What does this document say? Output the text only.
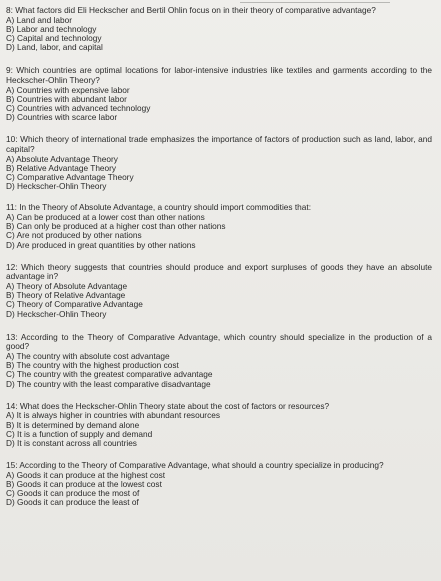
8: What factors did Eli Heckscher and Bertil Ohlin focus on in their theory of comparative advantage?

A) Land and labor
B) Labor and technology
C) Capital and technology
D) Land, labor, and capital

9: Which countries are optimal locations for labor-intensive industries like textiles and garments according to the Heckscher-Ohlin Theory?

A) Countries with expensive labor
B) Countries with abundant labor
C) Countries with advanced technology
D) Countries with scarce labor

10: Which theory of international trade emphasizes the importance of factors of production such as land, labor, and capital?

A) Absolute Advantage Theory
B) Relative Advantage Theory
C) Comparative Advantage Theory
D) Heckscher-Ohlin Theory

11: In the Theory of Absolute Advantage, a country should import commodities that:

A) Can be produced at a lower cost than other nations
B) Can only be produced at a higher cost than other nations
C) Are not produced by other nations
D) Are produced in great quantities by other nations

12: Which theory suggests that countries should produce and export surpluses of goods they have an absolute advantage in?

A) Theory of Absolute Advantage
B) Theory of Relative Advantage
C) Theory of Comparative Advantage
D) Heckscher-Ohlin Theory

13: According to the Theory of Comparative Advantage, which country should specialize in the production of a good?

A) The country with absolute cost advantage
B) The country with the highest production cost
C) The country with the greatest comparative advantage
D) The country with the least comparative disadvantage

14: What does the Heckscher-Ohlin Theory state about the cost of factors or resources?

A) It is always higher in countries with abundant resources
B) It is determined by demand alone
C) It is a function of supply and demand
D) It is constant across all countries

15: According to the Theory of Comparative Advantage, what should a country specialize in producing?

A) Goods it can produce at the highest cost
B) Goods it can produce at the lowest cost
C) Goods it can produce the most of
D) Goods it can produce the least of
